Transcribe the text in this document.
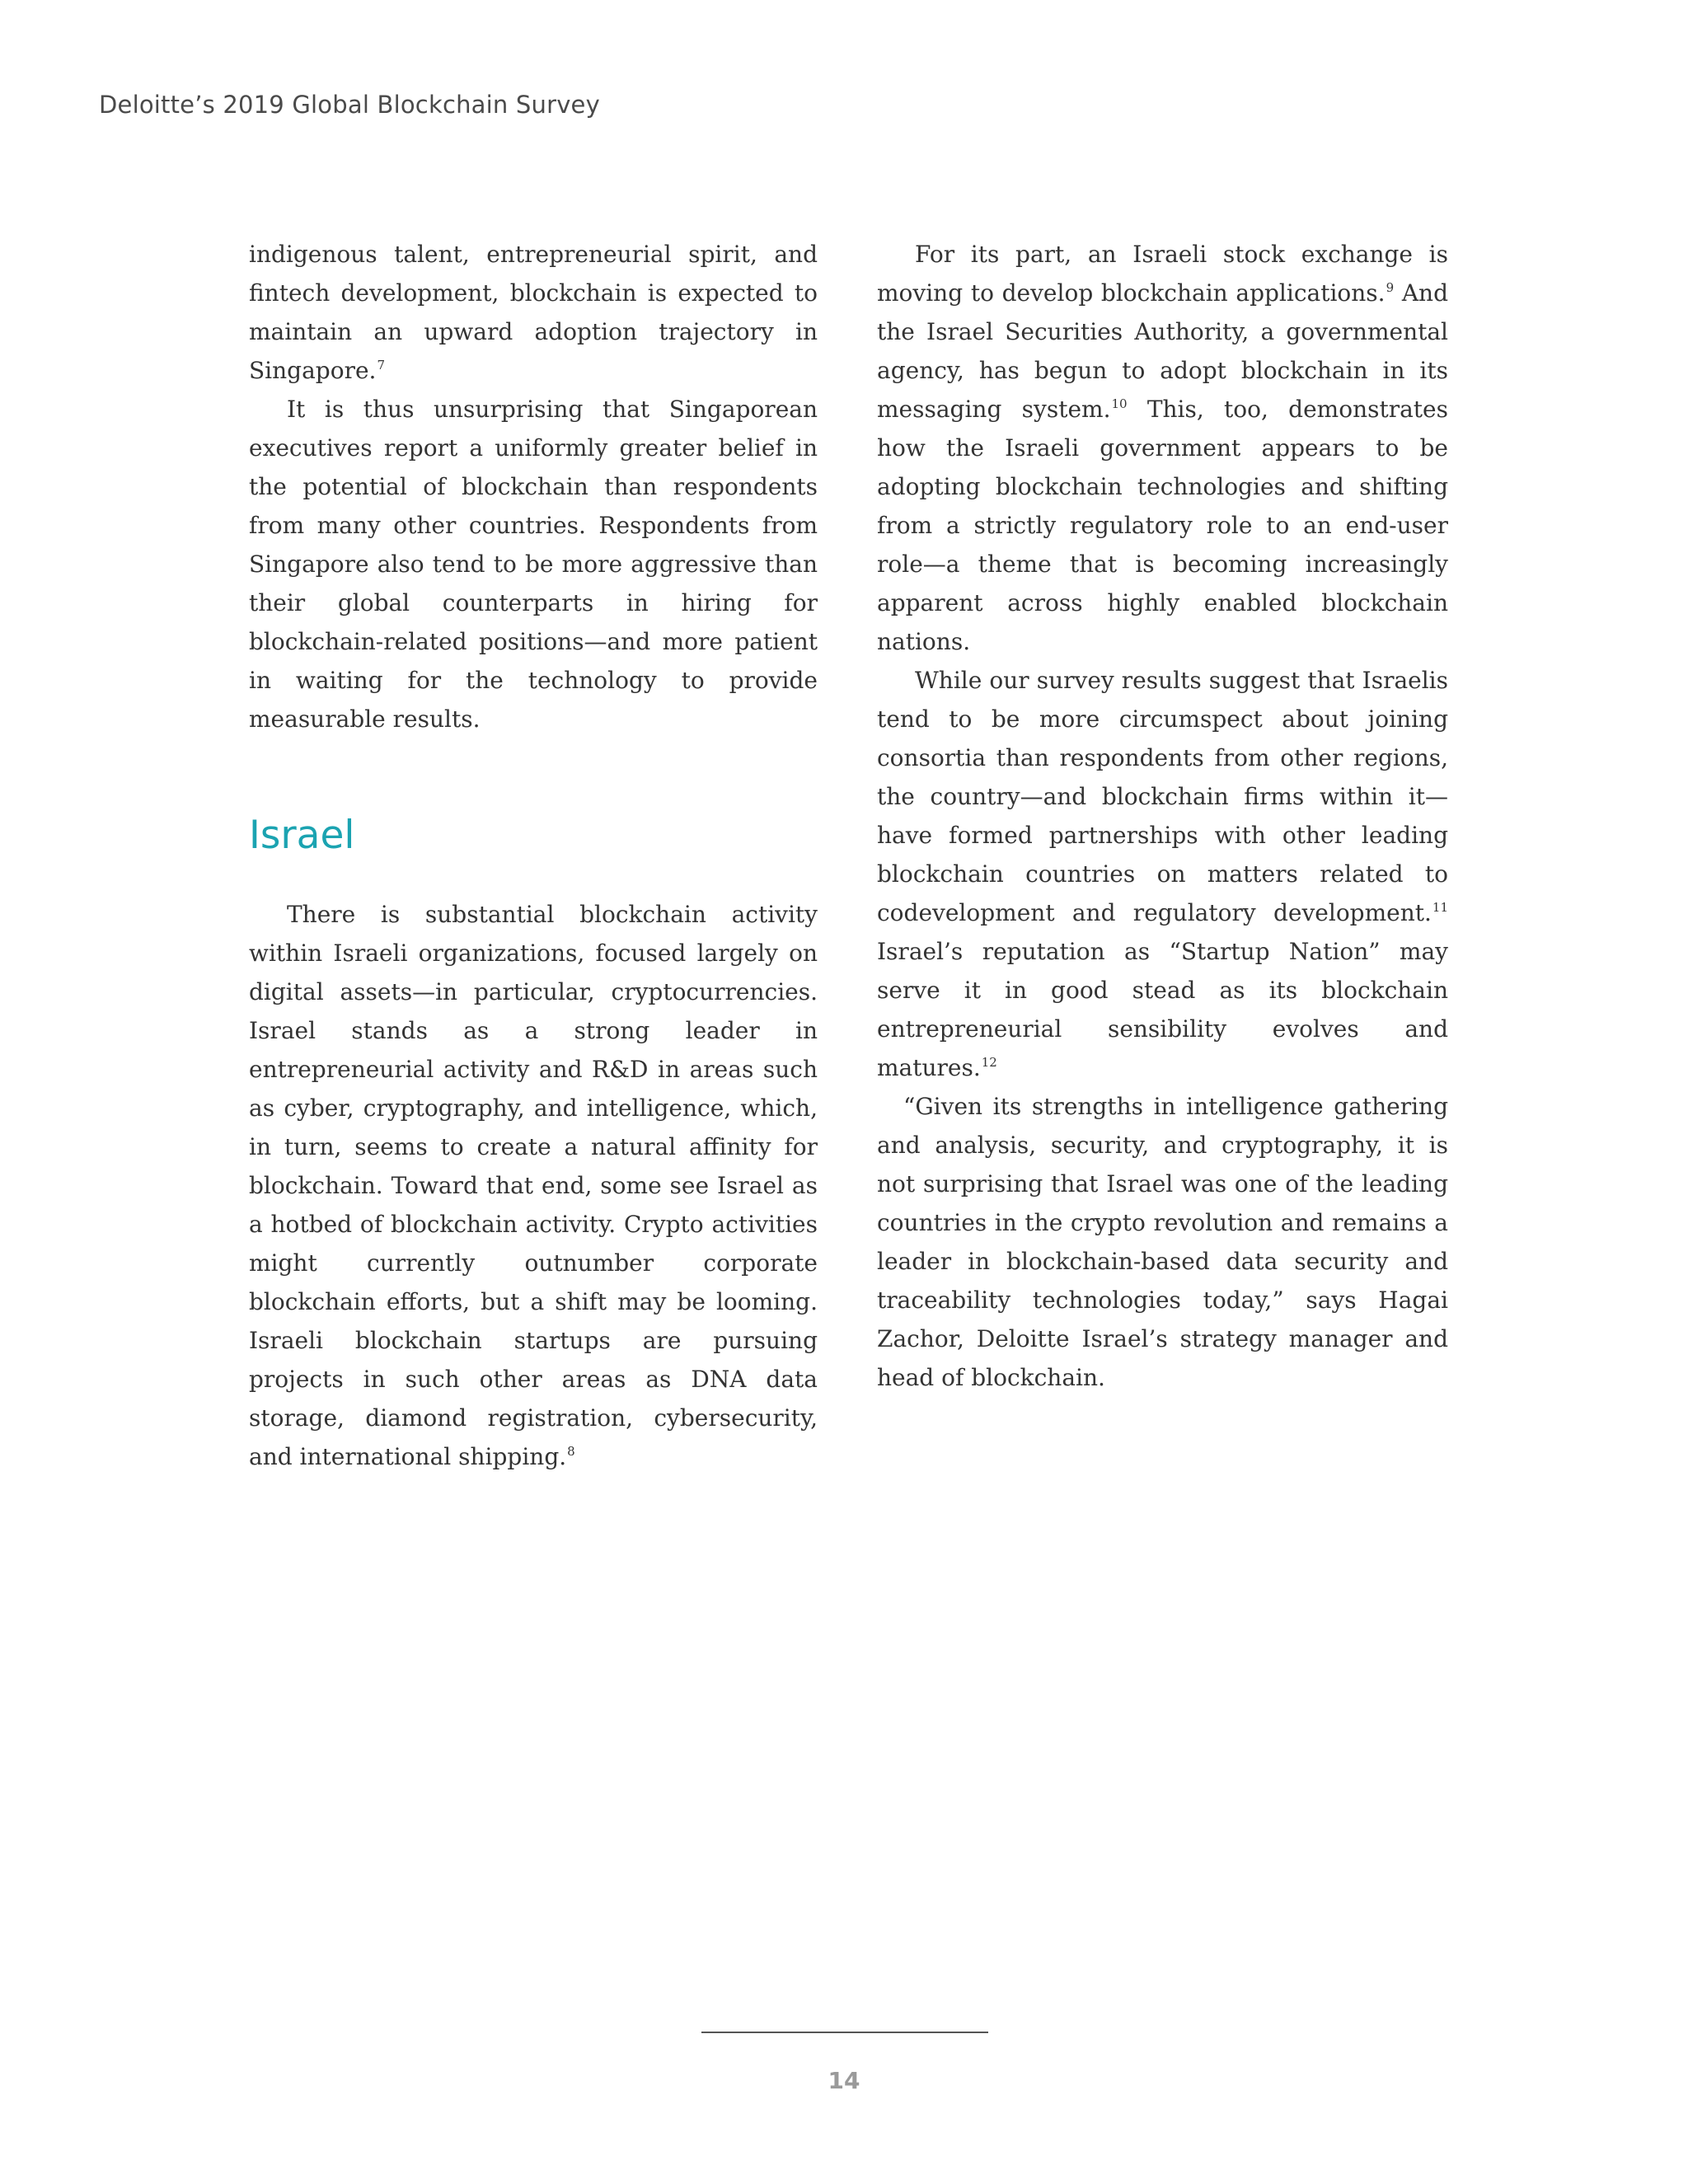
Deloitte’s 2019 Global Blockchain Survey

indigenous talent, entrepreneurial spirit, and fintech development, blockchain is expected to maintain an upward adoption trajectory in Singapore.$^7$

It is thus unsurprising that Singaporean executives report a uniformly greater belief in the potential of blockchain than respondents from many other countries. Respondents from Singapore also tend to be more aggressive than their global counterparts in hiring for blockchain-related positions—and more patient in waiting for the technology to provide measurable results.

Israel

There is substantial blockchain activity within Israeli organizations, focused largely on digital assets—in particular, cryptocurrencies. Israel stands as a strong leader in entrepreneurial activity and R&D in areas such as cyber, cryptography, and intelligence, which, in turn, seems to create a natural affinity for blockchain. Toward that end, some see Israel as a hotbed of blockchain activity. Crypto activities might currently outnumber corporate blockchain efforts, but a shift may be looming. Israeli blockchain startups are pursuing projects in such other areas as DNA data storage, diamond registration, cybersecurity, and international shipping.$^8$

For its part, an Israeli stock exchange is moving to develop blockchain applications.$^9$ And the Israel Securities Authority, a governmental agency, has begun to adopt blockchain in its messaging system.$^{10}$ This, too, demonstrates how the Israeli government appears to be adopting blockchain technologies and shifting from a strictly regulatory role to an end-user role—a theme that is becoming increasingly apparent across highly enabled blockchain nations.

While our survey results suggest that Israelis tend to be more circumspect about joining consortia than respondents from other regions, the country—and blockchain firms within it—have formed partnerships with other leading blockchain countries on matters related to codevelopment and regulatory development.$^{11}$ Israel’s reputation as “Startup Nation” may serve it in good stead as its blockchain entrepreneurial sensibility evolves and matures.$^{12}$

“Given its strengths in intelligence gathering and analysis, security, and cryptography, it is not surprising that Israel was one of the leading countries in the crypto revolution and remains a leader in blockchain-based data security and traceability technologies today,” says Hagai Zachor, Deloitte Israel’s strategy manager and head of blockchain.

14
